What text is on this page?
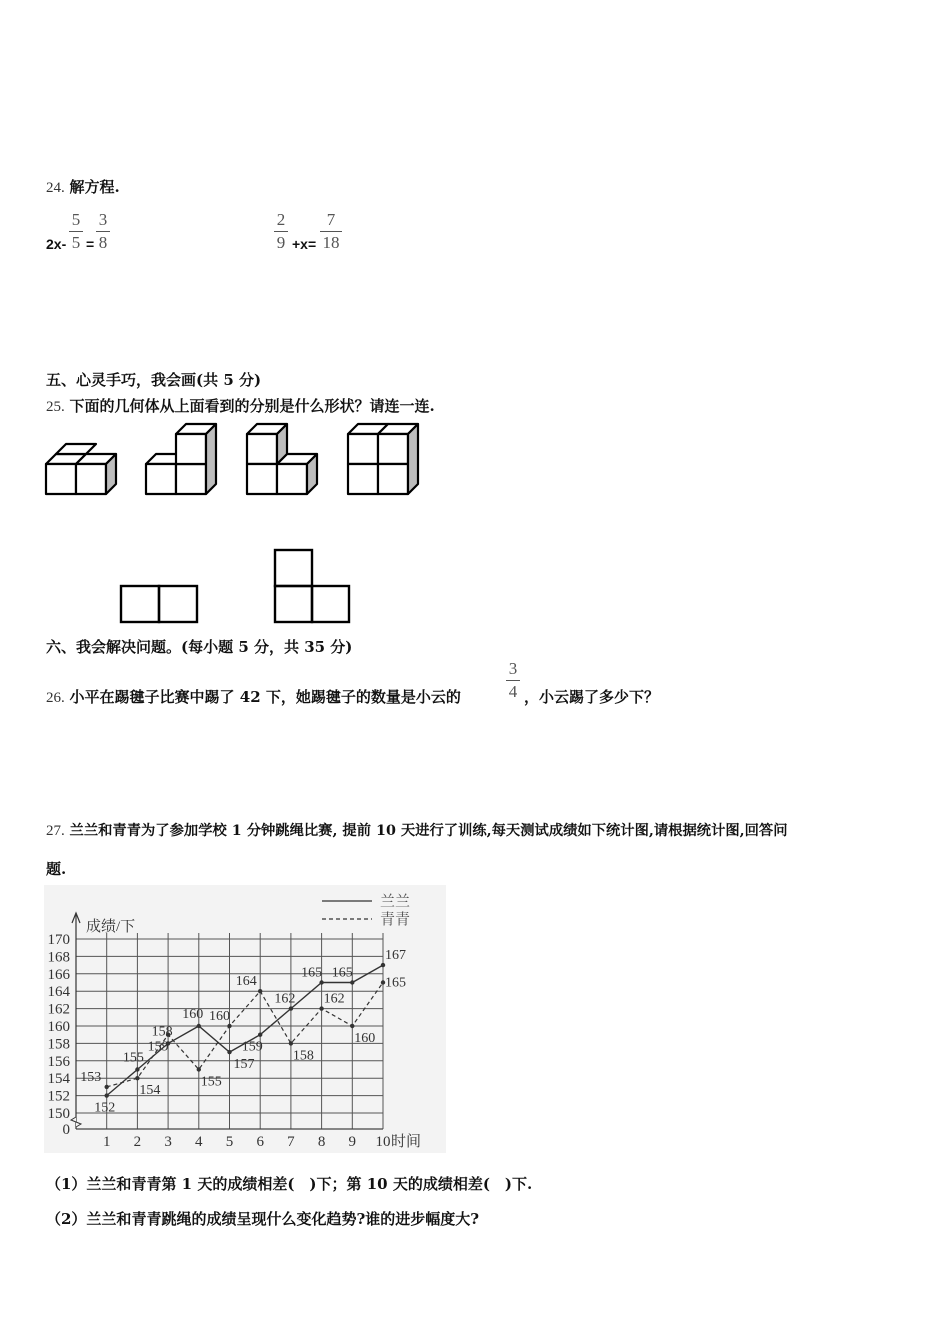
24. 解方程.
2x-
5
5 =
3
8
2
9 +x=
7
18
五、心灵手巧，我会画(共 5 分)
25. 下面的几何体从上面看到的分别是什么形状？请连一连.
六、我会解决问题。(每小题 5 分，共 35 分)
26. 小平在踢毽子比赛中踢了 42 下，她踢毽子的数量是小云的
3
4 ，小云踢了多少下？
27. 兰兰和青青为了参加学校 1 分钟跳绳比赛, 提前 10 天进行了训练,每天测试成绩如下统计图,请根据统计图,回答问
题.
150
152
154
156
158
160
162
164
166
168
170
1 2 3 4 5 6 7 8 9 10
0
成绩/下
时间
152
155
158
160
157
159
162
165 165
167
153
154
159
155
160
164
158
162
160
165
兰兰
青青
（1）兰兰和青青第 1 天的成绩相差(　)下；第 10 天的成绩相差(　)下.
（2）兰兰和青青跳绳的成绩呈现什么变化趋势?谁的进步幅度大?
